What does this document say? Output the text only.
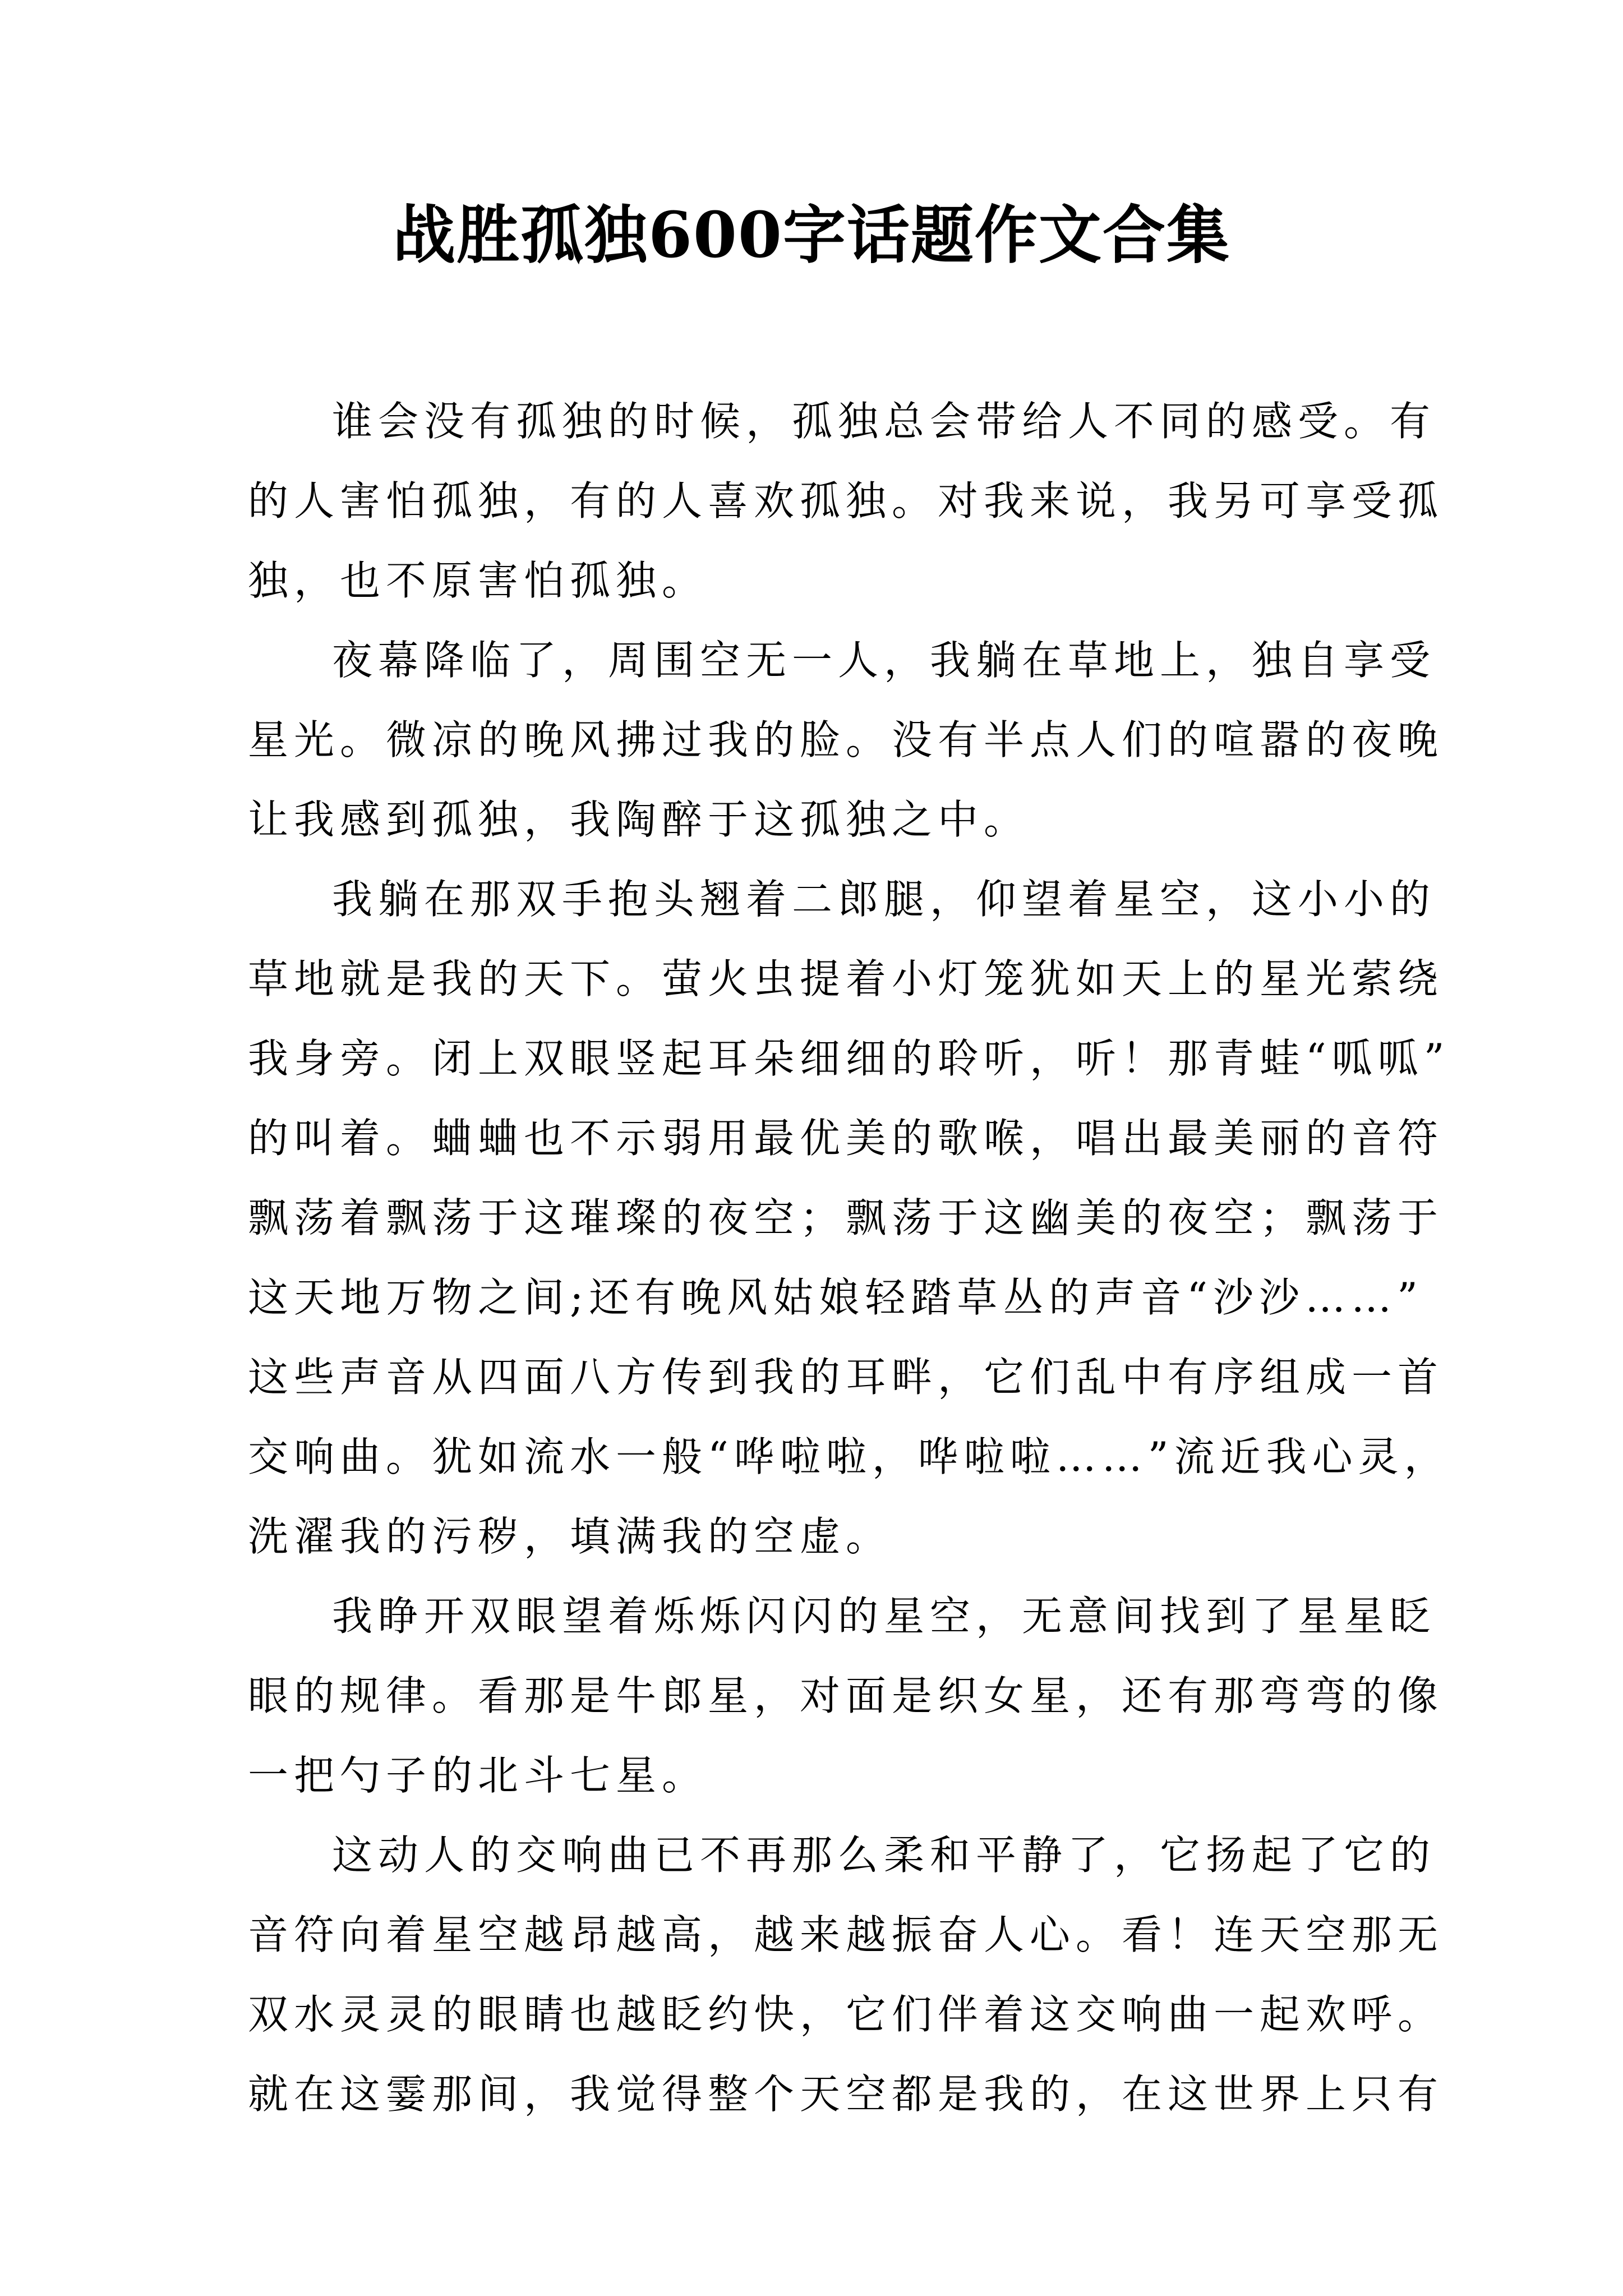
战胜孤独600字话题作文合集
谁会没有孤独的时候，孤独总会带给人不同的感受。有
的人害怕孤独，有的人喜欢孤独。对我来说，我另可享受孤
独，也不原害怕孤独。
夜幕降临了，周围空无一人，我躺在草地上，独自享受
星光。微凉的晚风拂过我的脸。没有半点人们的喧嚣的夜晚
让我感到孤独，我陶醉于这孤独之中。
我躺在那双手抱头翘着二郎腿，仰望着星空，这小小的
草地就是我的天下。萤火虫提着小灯笼犹如天上的星光萦绕
我身旁。闭上双眼竖起耳朵细细的聆听，听！那青蛙“呱呱”
的叫着。蛐蛐也不示弱用最优美的歌喉，唱出最美丽的音符
飘荡着飘荡于这璀璨的夜空；飘荡于这幽美的夜空；飘荡于
这天地万物之间;还有晚风姑娘轻踏草丛的声音“沙沙……”
这些声音从四面八方传到我的耳畔，它们乱中有序组成一首
交响曲。犹如流水一般“哗啦啦，哗啦啦……”流近我心灵，
洗濯我的污秽，填满我的空虚。
我睁开双眼望着烁烁闪闪的星空，无意间找到了星星眨
眼的规律。看那是牛郎星，对面是织女星，还有那弯弯的像
一把勺子的北斗七星。
这动人的交响曲已不再那么柔和平静了，它扬起了它的
音符向着星空越昂越高，越来越振奋人心。看！连天空那无
双水灵灵的眼睛也越眨约快，它们伴着这交响曲一起欢呼。
就在这霎那间，我觉得整个天空都是我的，在这世界上只有
